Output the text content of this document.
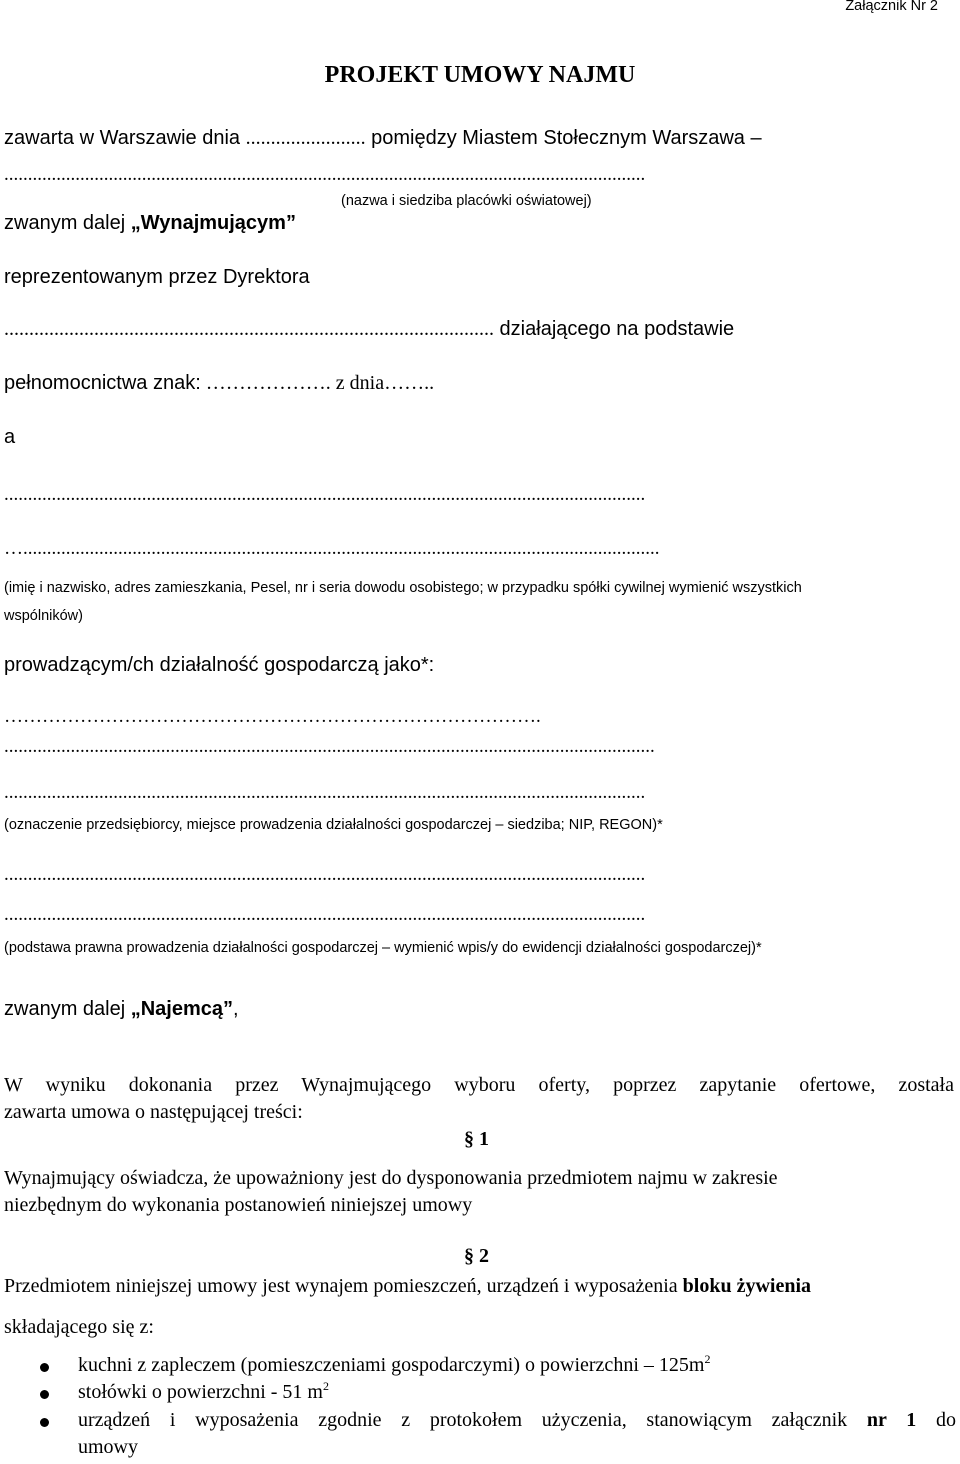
Załącznik Nr 2
PROJEKT UMOWY NAJMU
zawarta w Warszawie dnia ........................ pomiędzy Miastem Stołecznym Warszawa –
.......................................................................................................................................
(nazwa i siedziba placówki oświatowej)
zwanym dalej „Wynajmującym”
reprezentowanym przez Dyrektora
.................................................................................................. działającego na podstawie
pełnomocnictwa znak: ………………. z dnia……..
a
.......................................................................................................................................
…......................................................................................................................................
(imię i nazwisko, adres zamieszkania, Pesel, nr i seria dowodu osobistego; w przypadku spółki cywilnej wymienić wszystkich
wspólników)
prowadzącym/ch działalność gospodarczą jako*:
………………………………………………………………………….
.........................................................................................................................................
.......................................................................................................................................
(oznaczenie przedsiębiorcy, miejsce prowadzenia działalności gospodarczej – siedziba; NIP, REGON)*
.......................................................................................................................................
.......................................................................................................................................
(podstawa prawna prowadzenia działalności gospodarczej – wymienić wpis/y do ewidencji działalności gospodarczej)*
zwanym dalej „Najemcą”,
W wyniku dokonania przez Wynajmującego wyboru oferty, poprzez zapytanie ofertowe, została
zawarta umowa o następującej treści:
§ 1
Wynajmujący oświadcza, że upoważniony jest do dysponowania przedmiotem najmu w zakresie
niezbędnym do wykonania postanowień niniejszej umowy
§ 2
Przedmiotem niniejszej umowy jest wynajem pomieszczeń, urządzeń i wyposażenia bloku żywienia
składającego się z:
kuchni z zapleczem (pomieszczeniami gospodarczymi) o powierzchni – $125m^2$
stołówki o powierzchni - 51 $m^2$
urządzeń i wyposażenia zgodnie z protokołem użyczenia, stanowiącym załącznik nr 1 do
umowy
